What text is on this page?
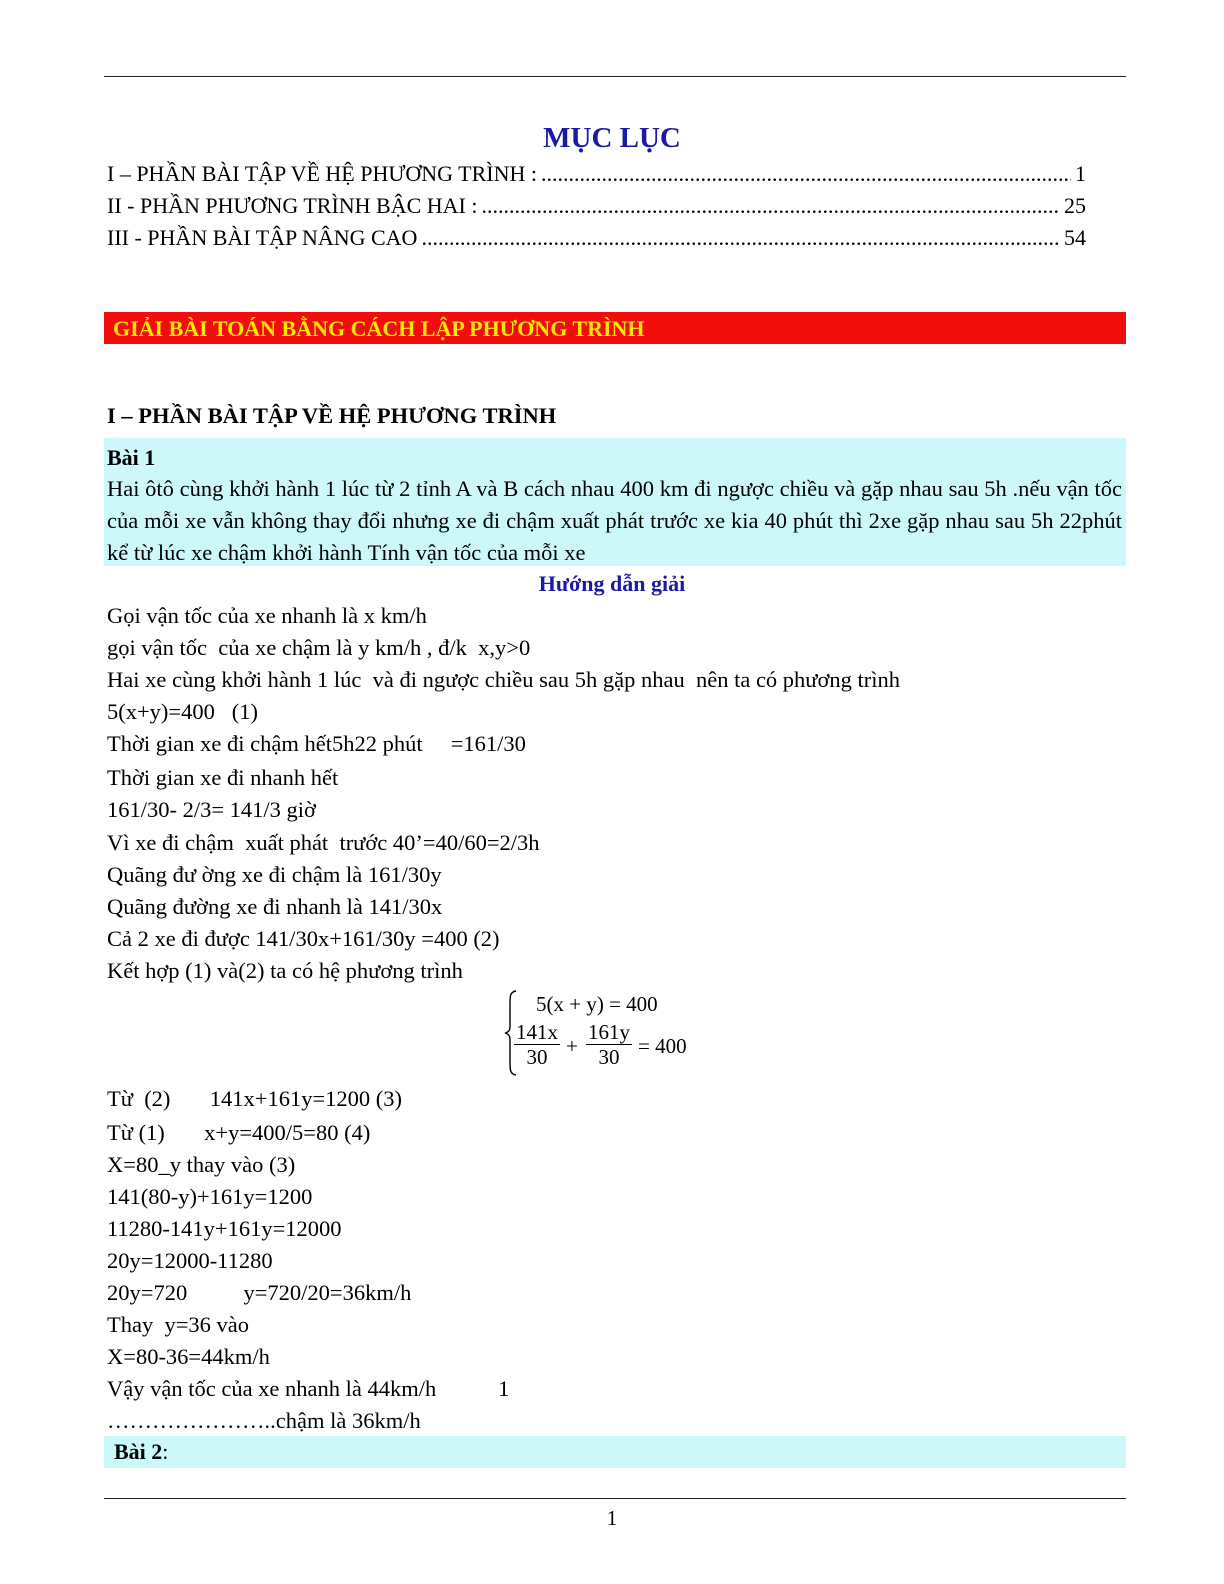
MỤC LỤC
I – PHẦN BÀI TẬP VỀ HỆ PHƯƠNG TRÌNH : .....	1
II - PHẦN PHƯƠNG TRÌNH BẬC HAI : .....	25
III - PHẦN BÀI TẬP NÂNG CAO .....	54
GIẢI BÀI TOÁN BẰNG CÁCH LẬP PHƯƠNG TRÌNH
I – PHẦN BÀI TẬP VỀ HỆ PHƯƠNG TRÌNH
Bài 1
Hai ôtô cùng khởi hành 1 lúc từ 2 tỉnh A và B cách nhau 400 km đi ngược chiều và gặp nhau sau 5h .nếu vận tốc của mỗi xe vẫn không thay đổi nhưng xe đi chậm xuất phát trước xe kia 40 phút thì 2xe gặp nhau sau 5h 22phút kể từ lúc xe chậm khởi hành Tính vận tốc của mỗi xe
Hướng dẫn giải
Gọi vận tốc của xe nhanh là x km/h
gọi vận tốc  của xe chậm là y km/h , đ/k  x,y>0
Hai xe cùng khởi hành 1 lúc  và đi ngược chiều sau 5h gặp nhau  nên ta có phương trình
5(x+y)=400   (1)
Thời gian xe đi chậm hết5h22 phút     =161/30
Thời gian xe đi nhanh hết
161/30- 2/3= 141/3 giờ
Vì xe đi chậm  xuất phát  trước 40’=40/60=2/3h
Quãng đư ờng xe đi chậm là 161/30y
Quãng đường xe đi nhanh là 141/30x
Cả 2 xe đi được 141/30x+161/30y =400 (2)
Kết hợp (1) và(2) ta có hệ phương trình
5(x + y) = 400
$\frac{141x}{30} + \frac{161y}{30} = 400$
Từ  (2)       141x+161y=1200 (3)
Từ (1)       x+y=400/5=80 (4)
X=80_y thay vào (3)
141(80-y)+161y=1200
11280-141y+161y=12000
20y=12000-11280
20y=720          y=720/20=36km/h
Thay  y=36 vào
X=80-36=44km/h
Vậy vận tốc của xe nhanh là 44km/h           1
…………………..chậm là 36km/h
Bài 2:
1
